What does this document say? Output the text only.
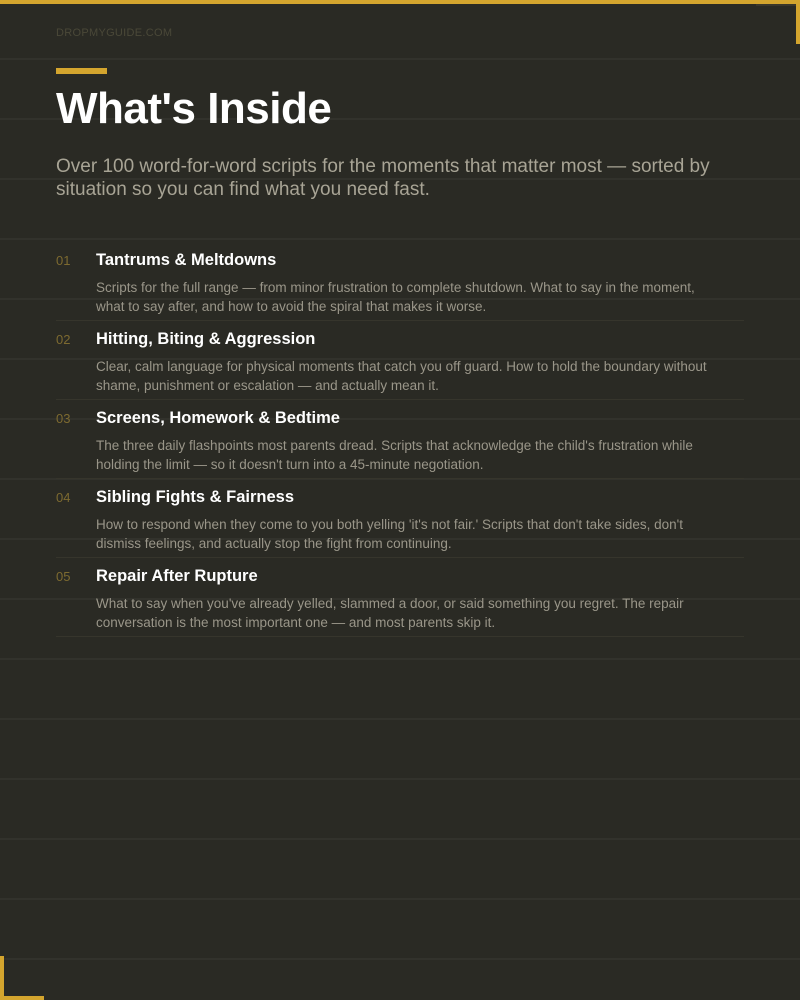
DROPMYGUIDE.COM
What's Inside

Over 100 word-for-word scripts for the moments that matter most — sorted by situation so you can find what you need fast.

01 Tantrums & Meltdowns

Scripts for the full range — from minor frustration to complete shutdown. What to say in the moment, what to say after, and how to avoid the spiral that makes it worse.

02 Hitting, Biting & Aggression

Clear, calm language for physical moments that catch you off guard. How to hold the boundary without shame, punishment or escalation — and actually mean it.

03 Screens, Homework & Bedtime

The three daily flashpoints most parents dread. Scripts that acknowledge the child's frustration while holding the limit — so it doesn't turn into a 45-minute negotiation.

04 Sibling Fights & Fairness

How to respond when they come to you both yelling 'it's not fair.' Scripts that don't take sides, don't dismiss feelings, and actually stop the fight from continuing.

05 Repair After Rupture

What to say when you've already yelled, slammed a door, or said something you regret. The repair conversation is the most important one — and most parents skip it.
